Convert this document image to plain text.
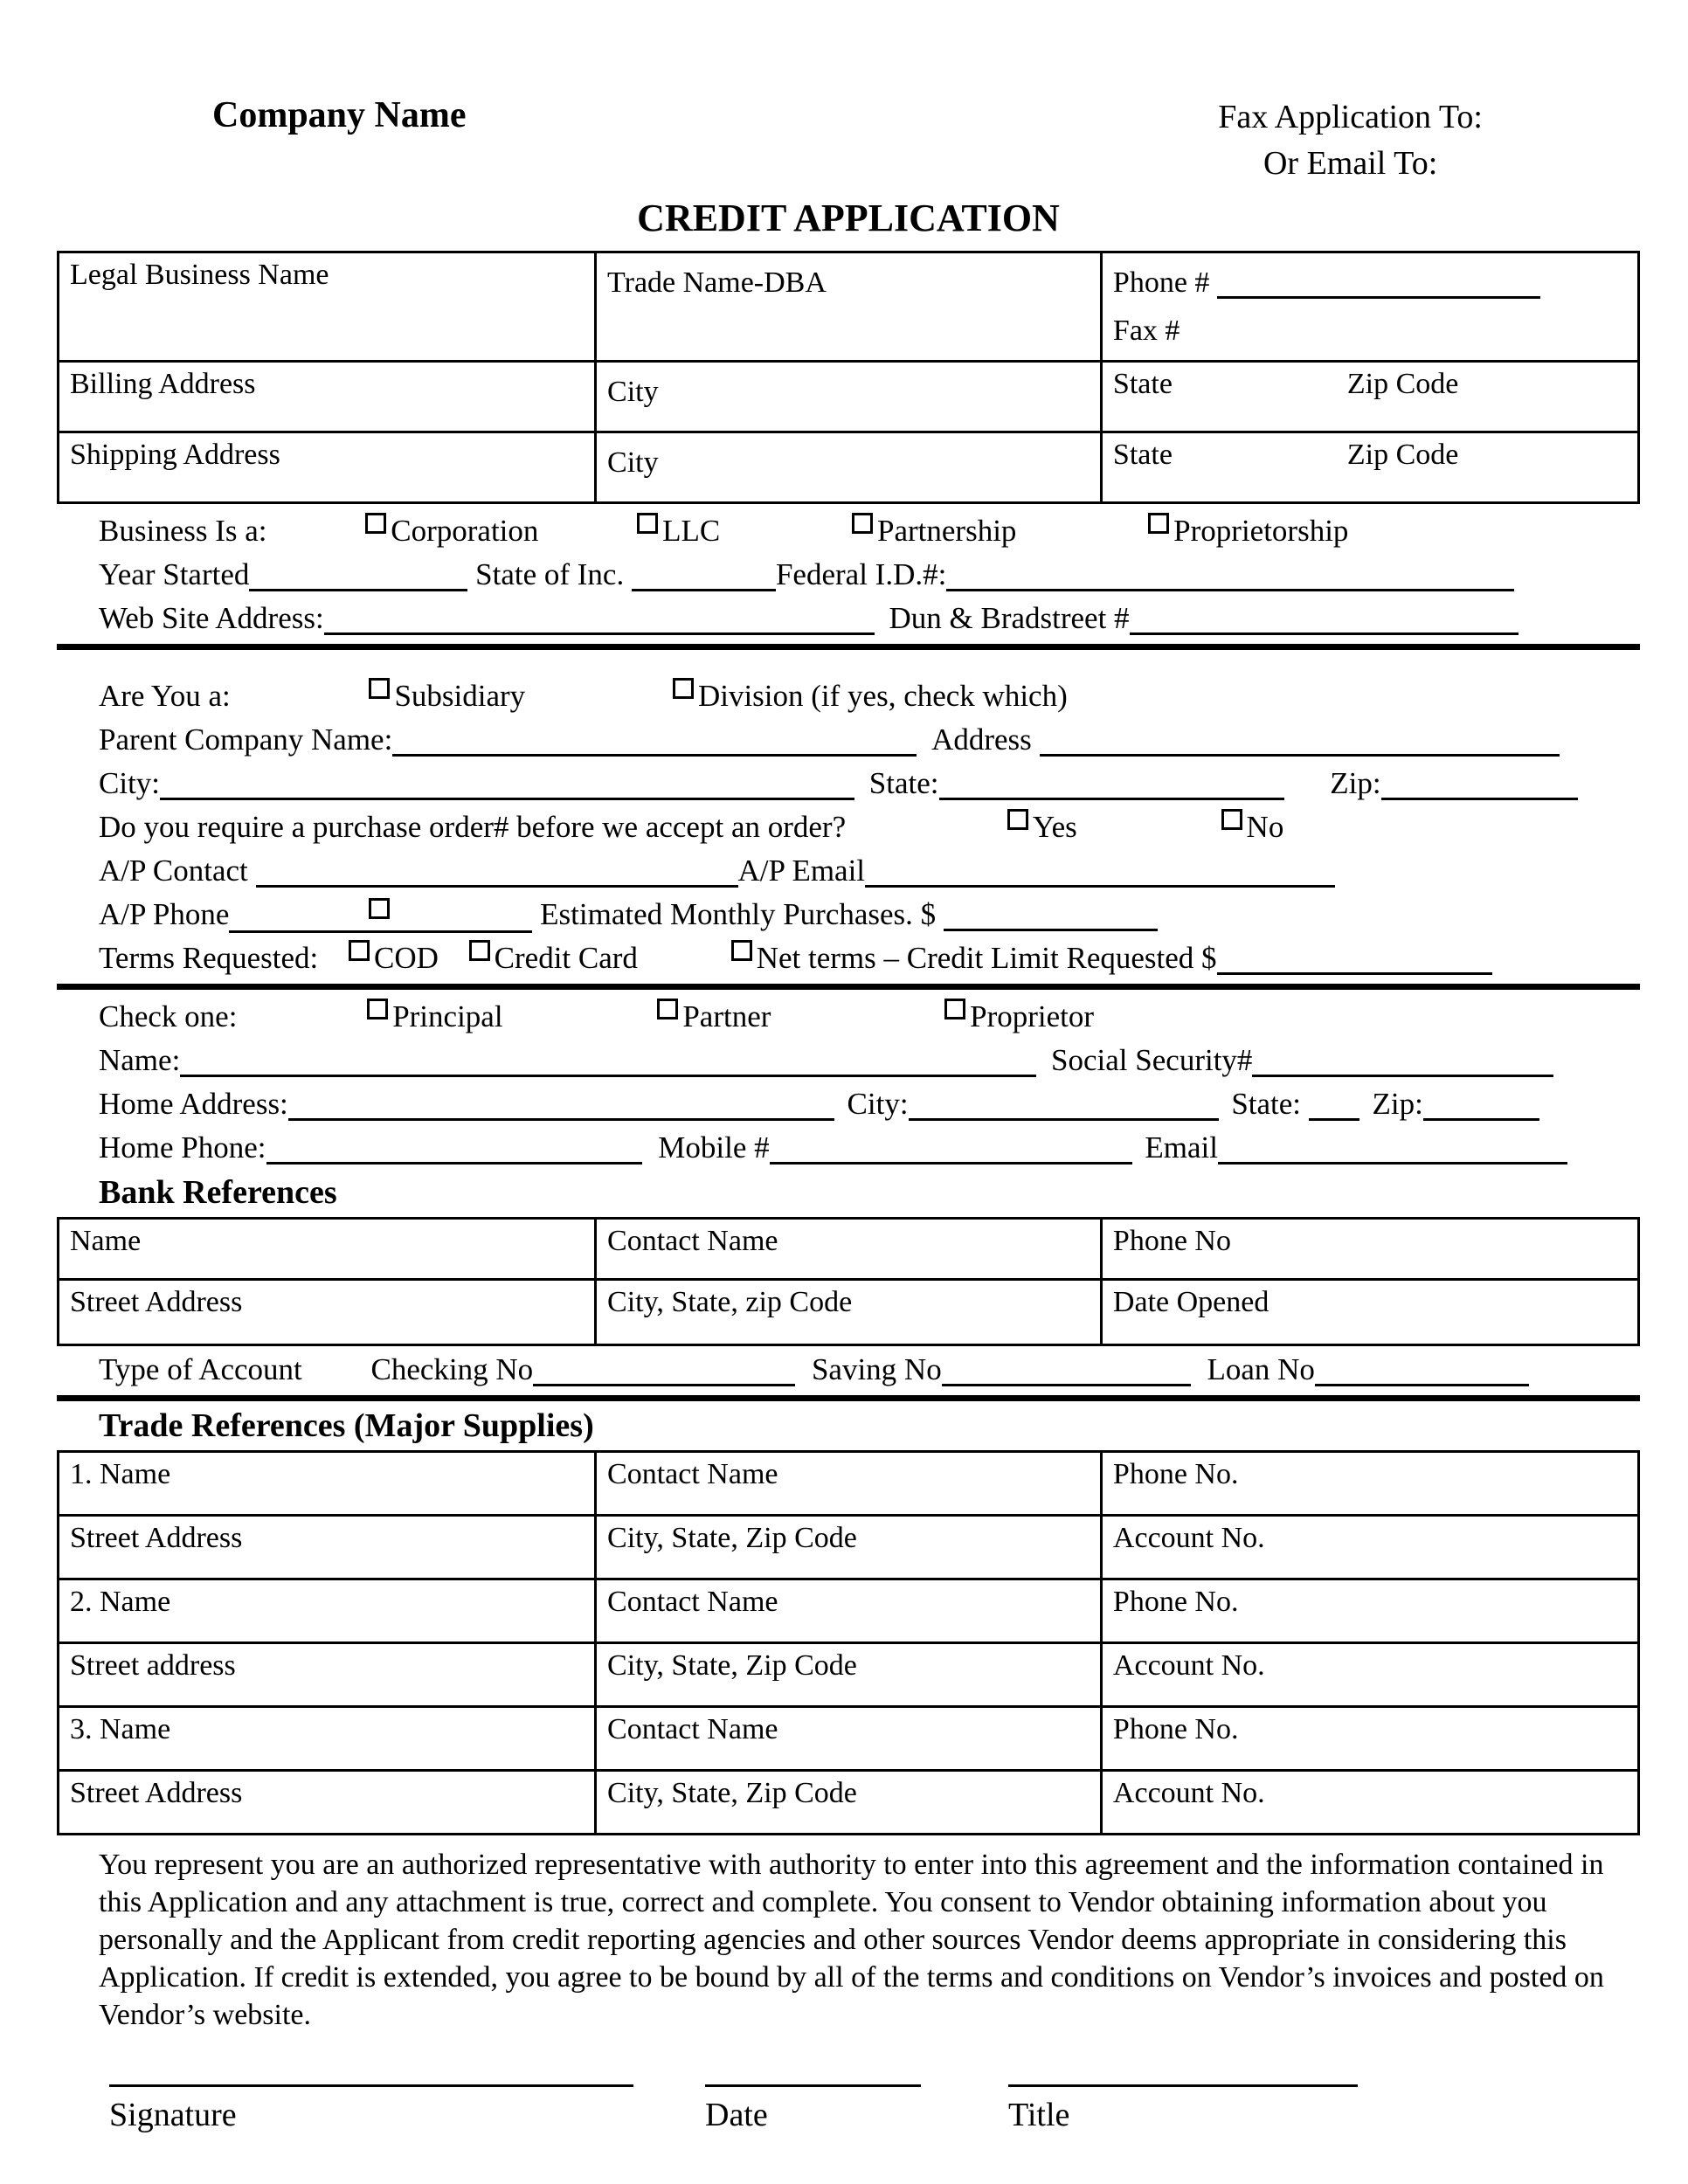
Company Name	Fax Application To:
Or Email To:
CREDIT APPLICATION
Legal Business Name	Trade Name-DBA	Phone #
Fax #

Billing Address	City	State Zip Code
Shipping Address	City	State Zip Code
Business Is a:	Corporation	LLC	Partnership	Proprietorship
Year Started	State of Inc.	Federal I.D.#:
Web Site Address:	Dun & Bradstreet #
Are You a:	Subsidiary	Division (if yes, check which)
Parent Company Name:	Address
City:	State:	Zip:
Do you require a purchase order# before we accept an order?	Yes	No
A/P Contact	A/P Email
A/P Phone	Estimated Monthly Purchases. $
Terms Requested: COD Credit Card	Net terms – Credit Limit Requested $
Check one:	Principal	Partner	Proprietor
Name:	Social Security#
Home Address:	City:	State: Zip:
Home Phone:	Mobile #	Email
Bank References
Name	Contact Name	Phone No
Street Address	City, State, zip Code	Date Opened
Type of Account Checking No	Saving No	Loan No
Trade References (Major Supplies)
1. Name	Contact Name	Phone No.
Street Address	City, State, Zip Code	Account No.
2. Name	Contact Name	Phone No.
Street address	City, State, Zip Code	Account No.
3. Name	Contact Name	Phone No.
Street Address	City, State, Zip Code	Account No.
You represent you are an authorized representative with authority to enter into this agreement and the information contained in this Application and any attachment is true, correct and complete. You consent to Vendor obtaining information about you personally and the Applicant from credit reporting agencies and other sources Vendor deems appropriate in considering this Application. If credit is extended, you agree to be bound by all of the terms and conditions on Vendor’s invoices and posted on Vendor’s website.
Signature	Date	Title
